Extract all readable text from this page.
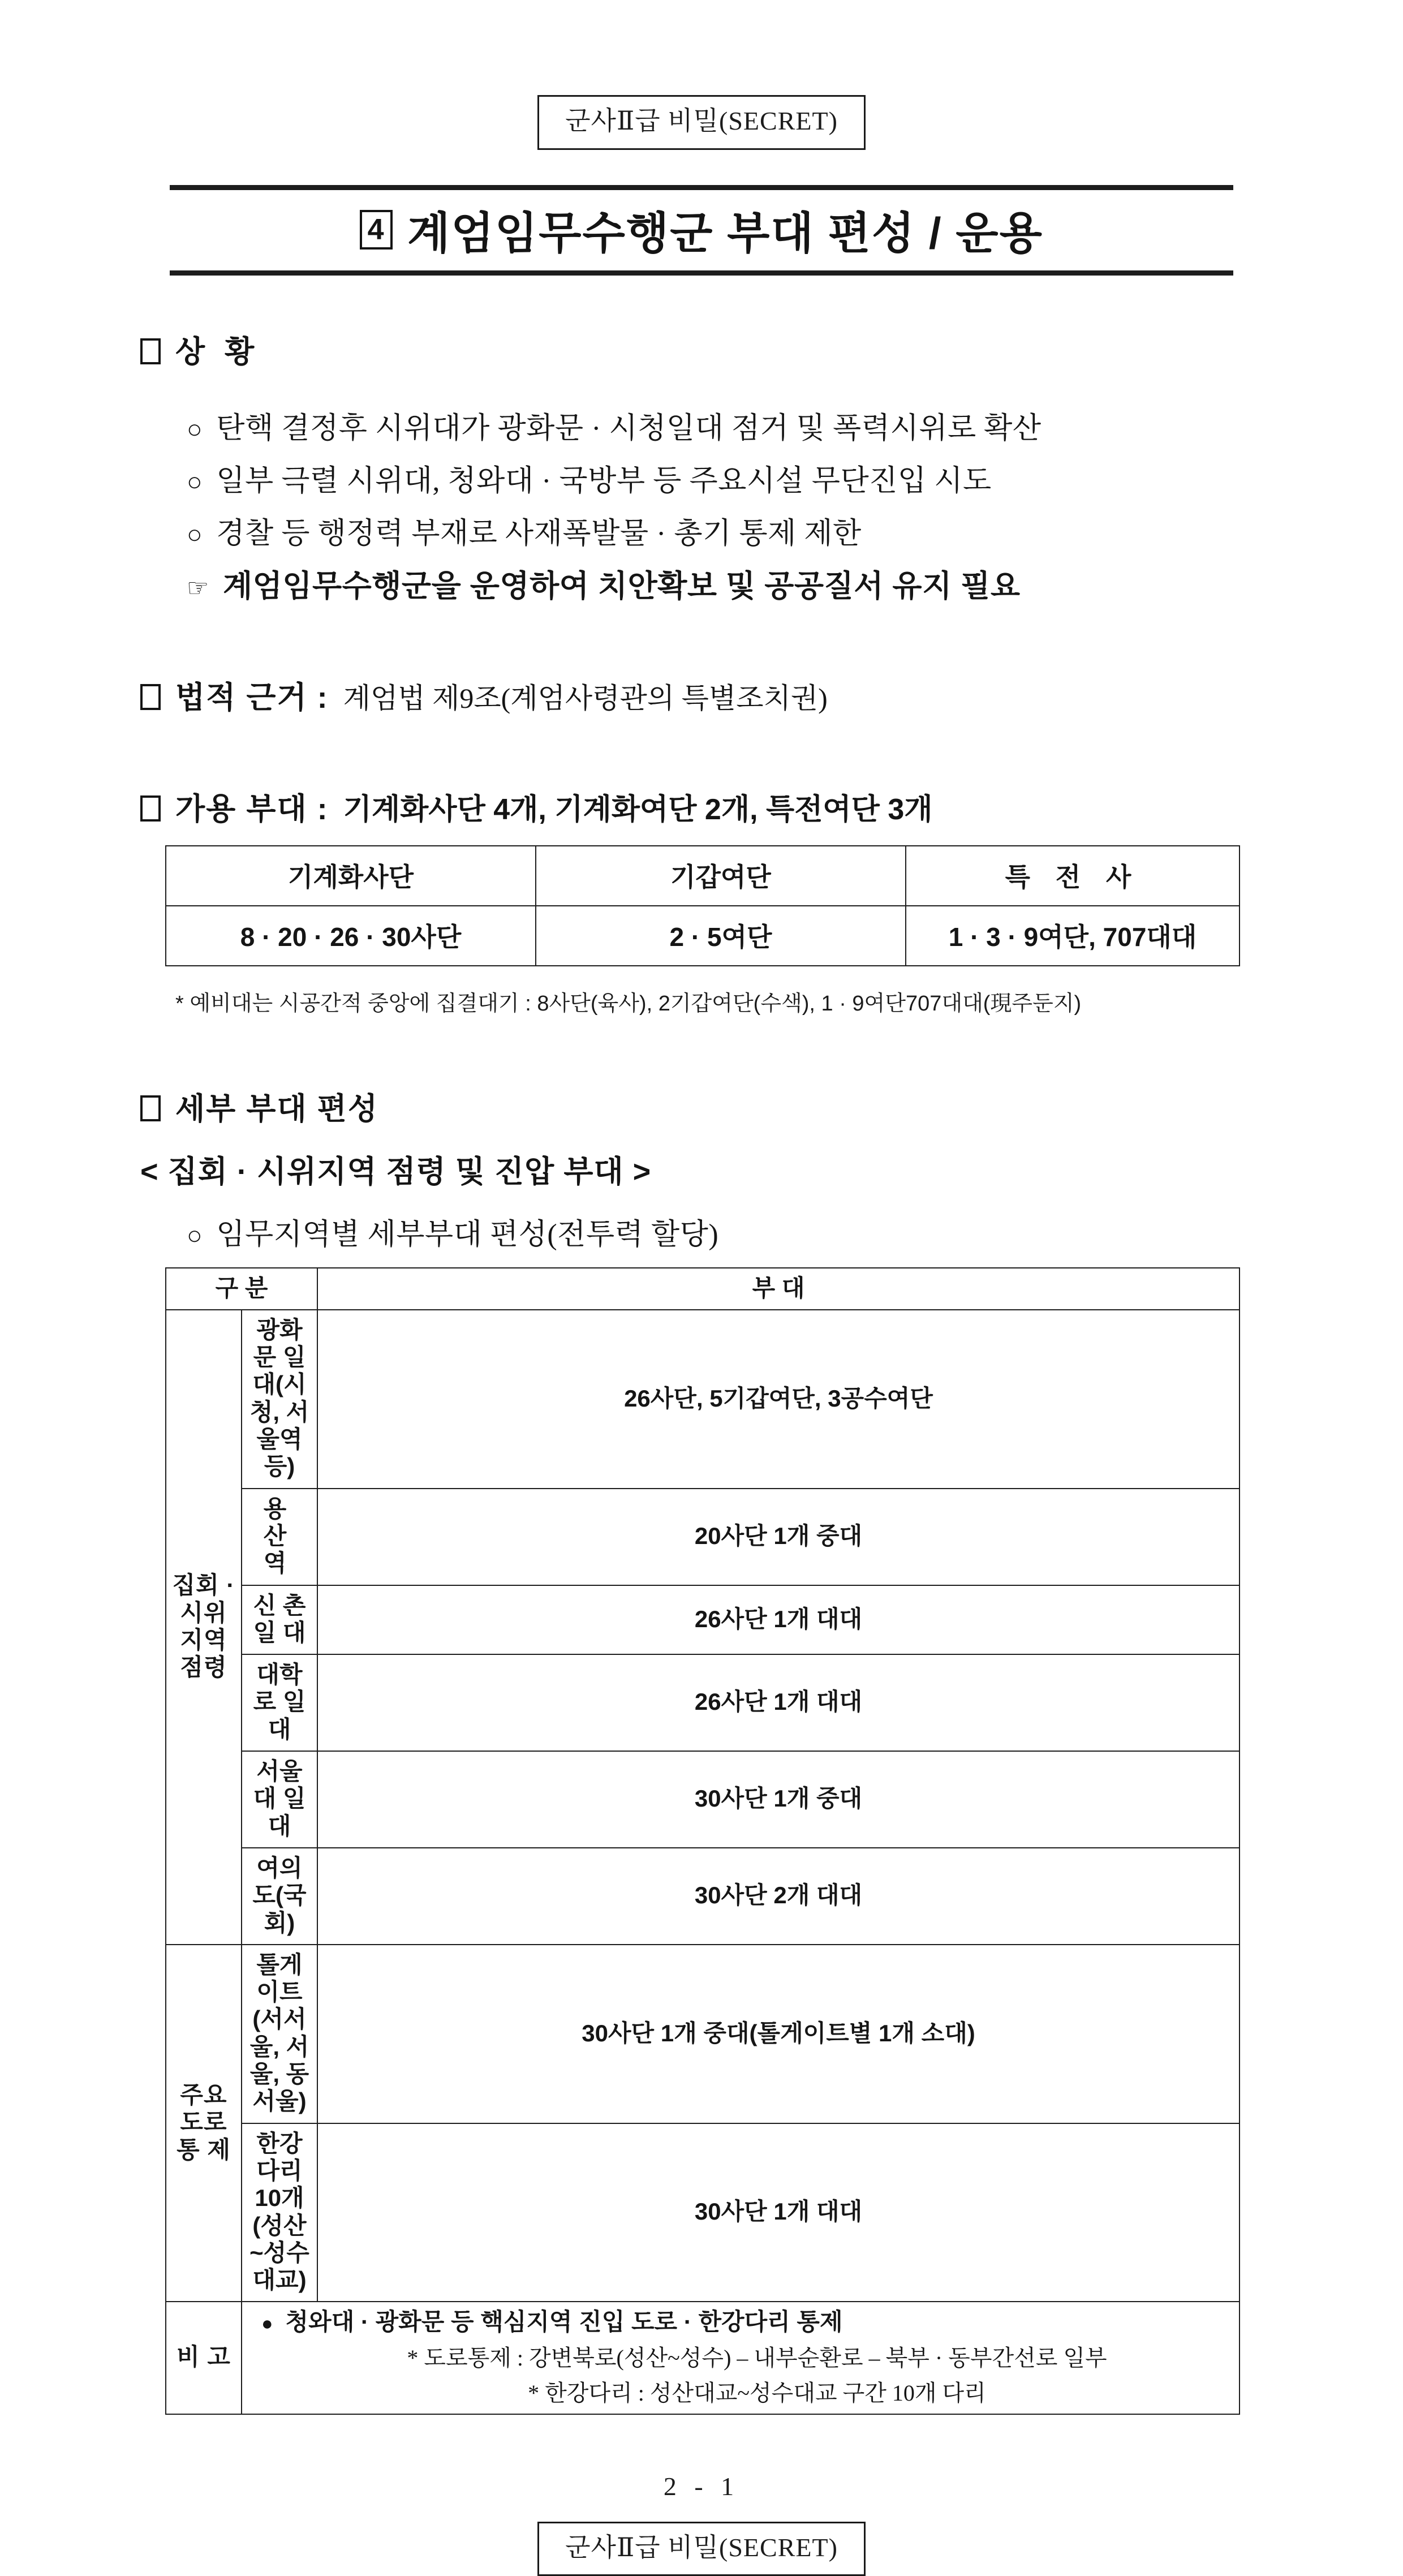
군사Ⅱ급 비밀(SECRET)
4 계엄임무수행군 부대 편성 / 운용
상 황
○ 탄핵 결정후 시위대가 광화문 · 시청일대 점거 및 폭력시위로 확산
○ 일부 극렬 시위대, 청와대 · 국방부 등 주요시설 무단진입 시도
○ 경찰 등 행정력 부재로 사재폭발물 · 총기 통제 제한
☞ 계엄임무수행군을 운영하여 치안확보 및 공공질서 유지 필요
법적 근거 : 계엄법 제9조(계엄사령관의 특별조치권)
가용 부대 : 기계화사단 4개, 기계화여단 2개, 특전여단 3개
기계화사단	기갑여단	특 전 사
8 · 20 · 26 · 30사단	2 · 5여단	1 · 3 · 9여단, 707대대
* 예비대는 시공간적 중앙에 집결대기 : 8사단(육사), 2기갑여단(수색), 1 · 9여단707대대(現주둔지)
세부 부대 편성
< 집회 · 시위지역 점령 및 진압 부대 >
○ 임무지역별 세부부대 편성(전투력 할당)
구 분		부 대

집회 · 시위
지역 점령	광화문 일대(시청, 서울역 등)	26사단, 5기갑여단, 3공수여단
	용 산 역	20사단 1개 중대
	신 촌 일 대	26사단 1개 대대
	대학로 일대	26사단 1개 대대
	서울대 일대	30사단 1개 중대
	여의도(국회)	30사단 2개 대대

주요도로
통 제	톨게이트(서서울, 서울, 동서울)	30사단 1개 중대(톨게이트별 1개 소대)
	한강다리 10개(성산~성수대교)	30사단 1개 대대
비 고	● 청와대 · 광화문 등 핵심지역 진입 도로 · 한강다리 통제
* 도로통제 : 강변북로(성산~성수) – 내부순환로 – 북부 · 동부간선로 일부
* 한강다리 : 성산대교~성수대교 구간 10개 다리	
2 - 1
군사Ⅱ급 비밀(SECRET)
